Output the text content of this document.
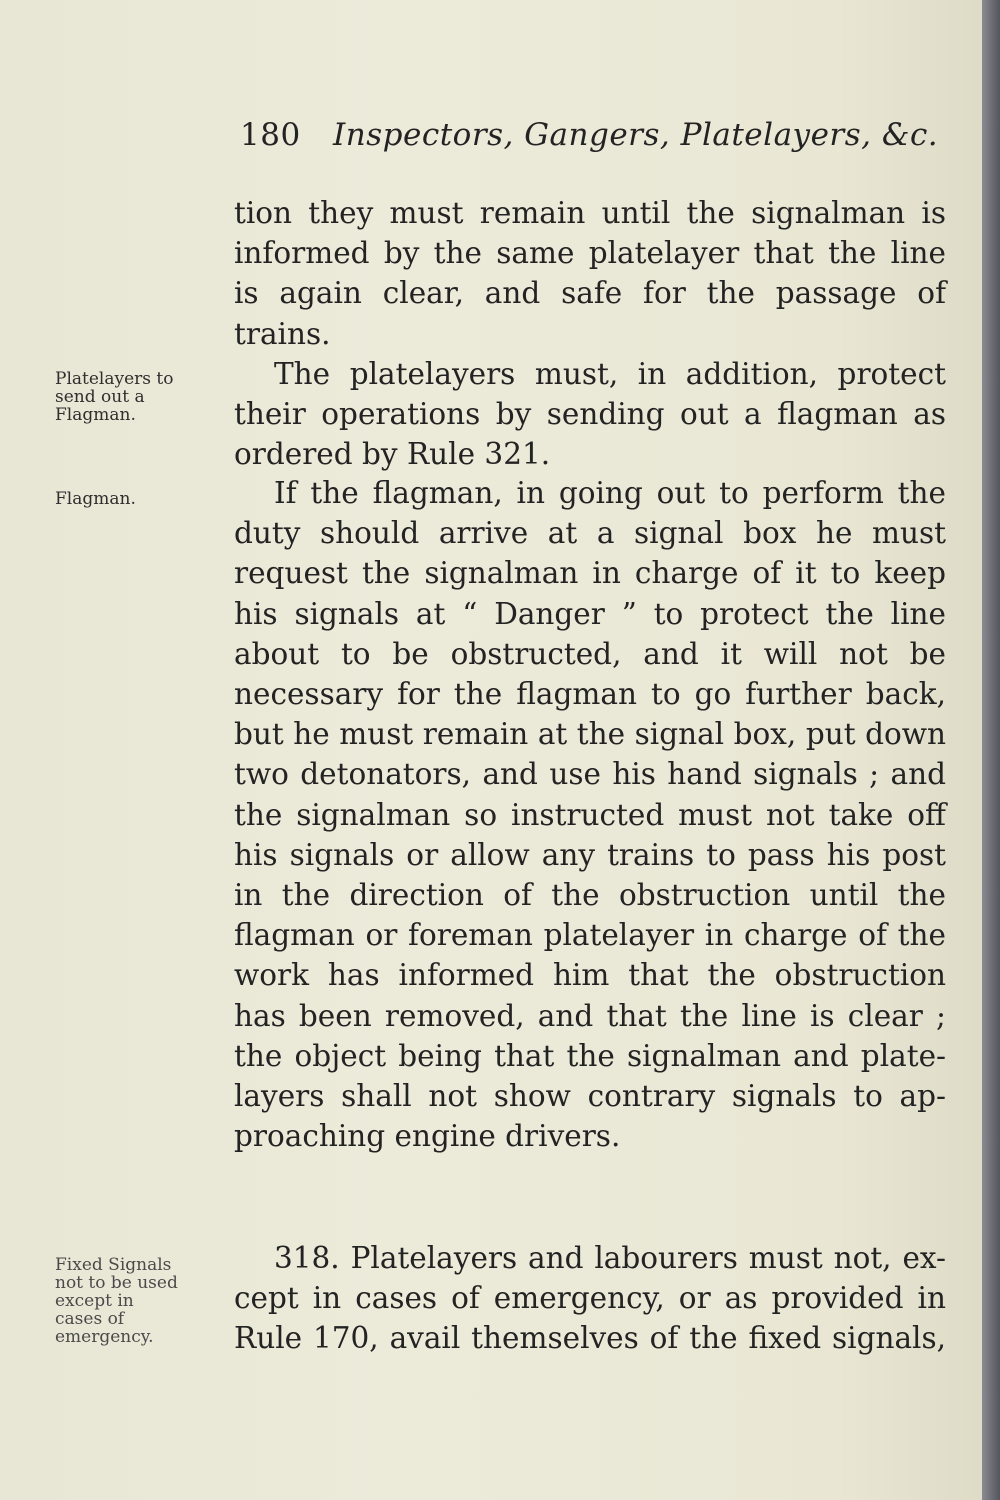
180 Inspectors, Gangers, Platelayers, &c.
tion they must remain until the signalman is
informed by the same platelayer that the line
is again clear, and safe for the passage of
trains.
Platelayers to
send out a
Flagman.
The platelayers must, in addition, protect
their operations by sending out a flagman as
ordered by Rule 321.
Flagman.	If the flagman, in going out to perform the
duty should arrive at a signal box he must
request the signalman in charge of it to keep
his signals at “ Danger ” to protect the line
about to be obstructed, and it will not be
necessary for the flagman to go further back,
but he must remain at the signal box, put down
two detonators, and use his hand signals ; and
the signalman so instructed must not take off
his signals or allow any trains to pass his post
in the direction of the obstruction until the
flagman or foreman platelayer in charge of the
work has informed him that the obstruction
has been removed, and that the line is clear ;
the object being that the signalman and plate-
layers shall not show contrary signals to ap-
proaching engine drivers.
Fixed Signals
not to be used
except in
cases of
emergency.
318. Platelayers and labourers must not, ex-
cept in cases of emergency, or as provided in
Rule 170, avail themselves of the fixed signals,
